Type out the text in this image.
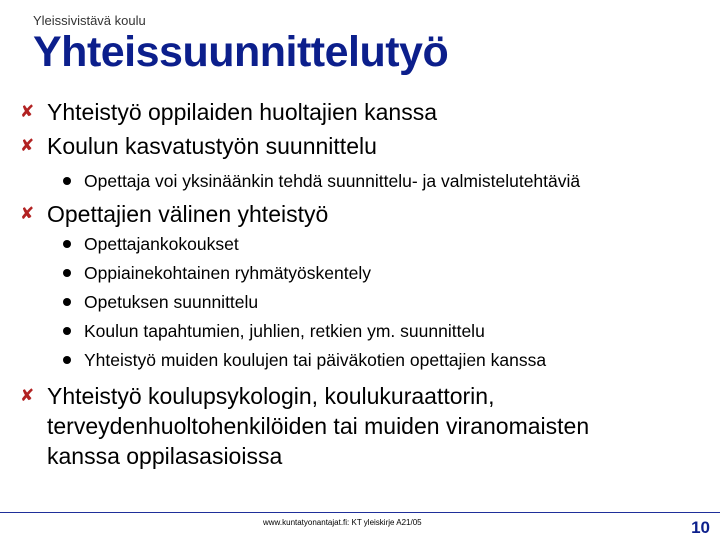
Yleissivistävä koulu
Yhteissuunnittelutyö
✘ Yhteistyö oppilaiden huoltajien kanssa
✘ Koulun kasvatustyön suunnittelu
Opettaja voi yksinäänkin tehdä suunnittelu- ja valmistelutehtäviä
✘ Opettajien välinen yhteistyö
Opettajankokoukset
Oppiainekohtainen ryhmätyöskentely
Opetuksen suunnittelu
Koulun tapahtumien, juhlien, retkien ym. suunnittelu
Yhteistyö muiden koulujen tai päiväkotien opettajien kanssa
✘ Yhteistyö koulupsykologin, koulukuraattorin,
terveydenhuoltohenkilöiden tai muiden viranomaisten
kanssa oppilasasioissa
www.kuntatyonantajat.fi: KT yleiskirje A21/05	10
